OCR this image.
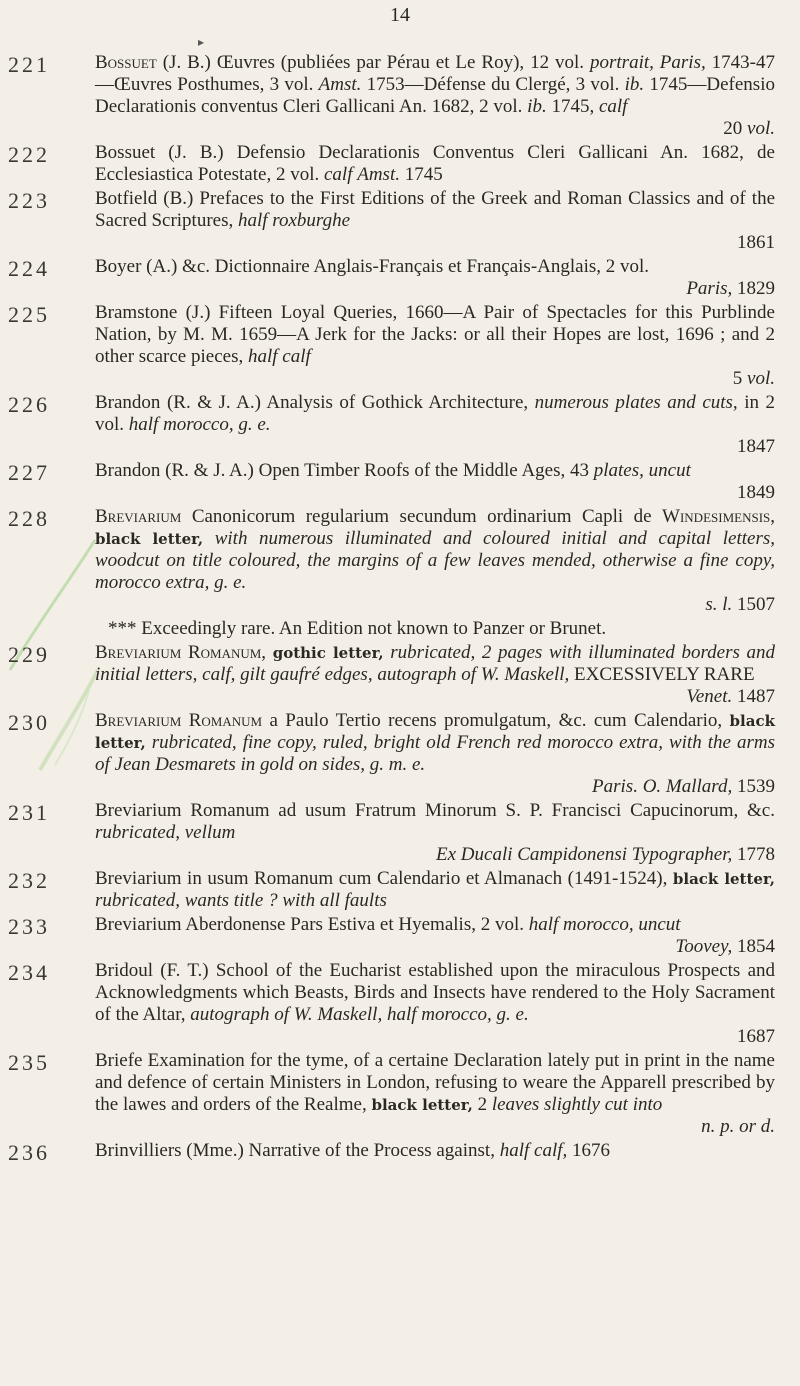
14
▸
221	Bossuet (J. B.) Œuvres (publiées par Pérau et Le Roy), 12 vol. portrait, Paris, 1743-47—Œuvres Posthumes, 3 vol. Amst. 1753—Défense du Clergé, 3 vol. ib. 1745—Defensio Declarationis conventus Cleri Gallicani An. 1682, 2 vol. ib. 1745, calf
20 vol.
222	Bossuet (J. B.) Defensio Declarationis Conventus Cleri Gallicani An. 1682, de Ecclesiastica Potestate, 2 vol. calf Amst. 1745
223	Botfield (B.) Prefaces to the First Editions of the Greek and Roman Classics and of the Sacred Scriptures, half roxburghe
1861
224	Boyer (A.) &c. Dictionnaire Anglais-Français et Français-Anglais, 2 vol.
Paris, 1829
225	Bramstone (J.) Fifteen Loyal Queries, 1660—A Pair of Spectacles for this Purblinde Nation, by M. M. 1659—A Jerk for the Jacks: or all their Hopes are lost, 1696 ; and 2 other scarce pieces, half calf
5 vol.
226	Brandon (R. & J. A.) Analysis of Gothick Architecture, numerous plates and cuts, in 2 vol. half morocco, g. e.
1847
227	Brandon (R. & J. A.) Open Timber Roofs of the Middle Ages, 43 plates, uncut
1849
228	Breviarium Canonicorum regularium secundum ordinarium Capli de Windesimensis, black letter, with numerous illuminated and coloured initial and capital letters, woodcut on title coloured, the margins of a few leaves mended, otherwise a fine copy, morocco extra, g. e.
s. l. 1507
*** Exceedingly rare. An Edition not known to Panzer or Brunet.
229	Breviarium Romanum, gothic letter, rubricated, 2 pages with illuminated borders and initial letters, calf, gilt gaufré edges, autograph of W. Maskell, EXCESSIVELY RARE
Venet. 1487
230	Breviarium Romanum a Paulo Tertio recens promulgatum, &c. cum Calendario, black letter, rubricated, fine copy, ruled, bright old French red morocco extra, with the arms of Jean Desmarets in gold on sides, g. m. e.
Paris. O. Mallard, 1539
231	Breviarium Romanum ad usum Fratrum Minorum S. P. Francisci Capucinorum, &c. rubricated, vellum
Ex Ducali Campidonensi Typographer, 1778
232	Breviarium in usum Romanum cum Calendario et Almanach (1491-1524), black letter, rubricated, wants title ? with all faults
233	Breviarium Aberdonense Pars Estiva et Hyemalis, 2 vol. half morocco, uncut
Toovey, 1854
234	Bridoul (F. T.) School of the Eucharist established upon the miraculous Prospects and Acknowledgments which Beasts, Birds and Insects have rendered to the Holy Sacrament of the Altar, autograph of W. Maskell, half morocco, g. e.
1687
235	Briefe Examination for the tyme, of a certaine Declaration lately put in print in the name and defence of certain Ministers in London, refusing to weare the Apparell prescribed by the lawes and orders of the Realme, black letter, 2 leaves slightly cut into
n. p. or d.
236	Brinvilliers (Mme.) Narrative of the Process against, half calf, 1676
